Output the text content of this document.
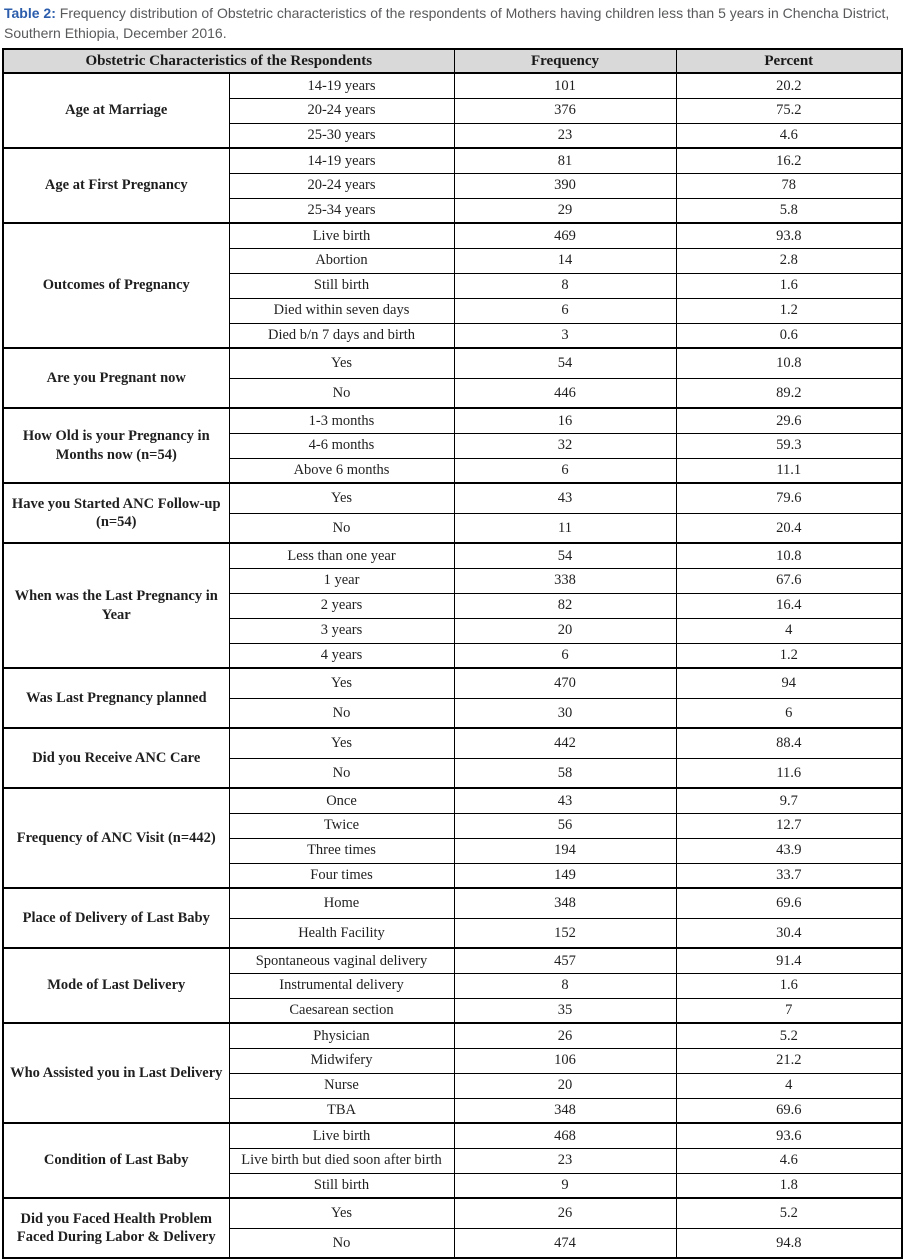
Table 2: Frequency distribution of Obstetric characteristics of the respondents of Mothers having children less than 5 years in Chencha District, Southern Ethiopia, December 2016.
Obstetric Characteristics of the Respondents		Frequency	Percent
Age at Marriage	14-19 years	101	20.2
	20-24 years	376	75.2
	25-30 years	23	4.6
Age at First Pregnancy	14-19 years	81	16.2
	20-24 years	390	78
	25-34 years	29	5.8
Outcomes of Pregnancy	Live birth	469	93.8
	Abortion	14	2.8
	Still birth	8	1.6
	Died within seven days	6	1.2
	Died b/n 7 days and birth	3	0.6
Are you Pregnant now	Yes	54	10.8
	No	446	89.2
How Old is your Pregnancy in Months now (n=54)	1-3 months	16	29.6
	4-6 months	32	59.3
	Above 6 months	6	11.1
Have you Started ANC Follow-up (n=54)	Yes	43	79.6
	No	11	20.4
When was the Last Pregnancy in Year	Less than one year	54	10.8
	1 year	338	67.6
	2 years	82	16.4
	3 years	20	4
	4 years	6	1.2
Was Last Pregnancy planned	Yes	470	94
	No	30	6
Did you Receive ANC Care	Yes	442	88.4
	No	58	11.6
Frequency of ANC Visit (n=442)	Once	43	9.7
	Twice	56	12.7
	Three times	194	43.9
	Four times	149	33.7
Place of Delivery of Last Baby	Home	348	69.6
	Health Facility	152	30.4
Mode of Last Delivery	Spontaneous vaginal delivery	457	91.4
	Instrumental delivery	8	1.6
	Caesarean section	35	7
Who Assisted you in Last Delivery	Physician	26	5.2
	Midwifery	106	21.2
	Nurse	20	4
	TBA	348	69.6
Condition of Last Baby	Live birth	468	93.6
	Live birth but died soon after birth	23	4.6
	Still birth	9	1.8
Did you Faced Health Problem Faced During Labor & Delivery	Yes	26	5.2
	No	474	94.8
